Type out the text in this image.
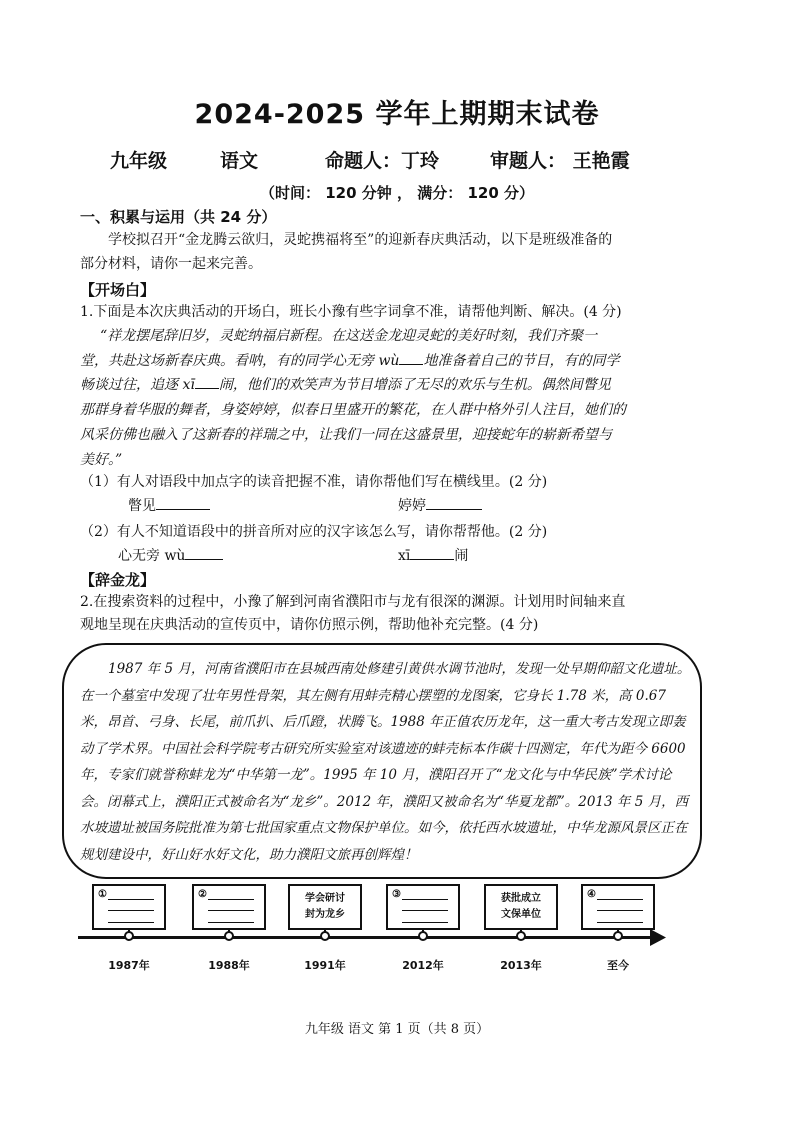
2024-2025 学年上期期末试卷
九年级	语文	命题人：丁玲	审题人： 王艳霞
（时间： 120 分钟 ， 满分： 120 分）
一、积累与运用（共 24 分）
学校拟召开“金龙腾云欲归，灵蛇携福将至”的迎新春庆典活动，以下是班级准备的
部分材料，请你一起来完善。
【开场白】
1.下面是本次庆典活动的开场白，班长小豫有些字词拿不准，请帮他判断、解决。(4 分)
“祥龙摆尾辞旧岁，灵蛇纳福启新程。在这送金龙迎灵蛇的美好时刻，我们齐聚一
堂，共赴这场新春庆典。看呐，有的同学心无旁 wù 地准备着自己的节目，有的同学
畅谈过往，追逐 xī 闹，他们的欢笑声为节目增添了无尽的欢乐与生机。偶然间瞥见
那群身着华服的舞者，身姿婷婷，似春日里盛开的繁花，在人群中格外引人注目，她们的
风采仿佛也融入了这新春的祥瑞之中，让我们一同在这盛景里，迎接蛇年的崭新希望与
美好。”
（1）有人对语段中加点字的读音把握不准，请你帮他们写在横线里。(2 分)
瞥见	婷婷
（2）有人不知道语段中的拼音所对应的汉字该怎么写，请你帮帮他。(2 分)
心无旁 wù	xī	闹
【辞金龙】
2.在搜索资料的过程中，小豫了解到河南省濮阳市与龙有很深的渊源。计划用时间轴来直
观地呈现在庆典活动的宣传页中，请你仿照示例，帮助他补充完整。(4 分)
1987 年 5 月，河南省濮阳市在县城西南处修建引黄供水调节池时，发现一处早期仰韶文化遗址。在一个墓室中发现了壮年男性骨架，其左侧有用蚌壳精心摆塑的龙图案，它身长 1.78 米，高 0.67 米，昂首、弓身、长尾，前爪扒、后爪蹬，状腾飞。1988 年正值农历龙年，这一重大考古发现立即轰动了学术界。中国社会科学院考古研究所实验室对该遗迹的蚌壳标本作碳十四测定，年代为距今 6600 年，专家们就誉称蚌龙为“中华第一龙”。1995 年 10 月，濮阳召开了“龙文化与中华民族”学术讨论会。闭幕式上，濮阳正式被命名为“龙乡”。2012 年，濮阳又被命名为“华夏龙都”。2013 年 5 月，西水坡遗址被国务院批准为第七批国家重点文物保护单位。如今，依托西水坡遗址，中华龙源风景区正在规划建设中，好山好水好文化，助力濮阳文旅再创辉煌！
①
1987年
②
1988年
学会研讨
封为龙乡
1991年
③
2012年
获批成立
文保单位
2013年
④
至今
九年级 语文 第 1 页（共 8 页）
